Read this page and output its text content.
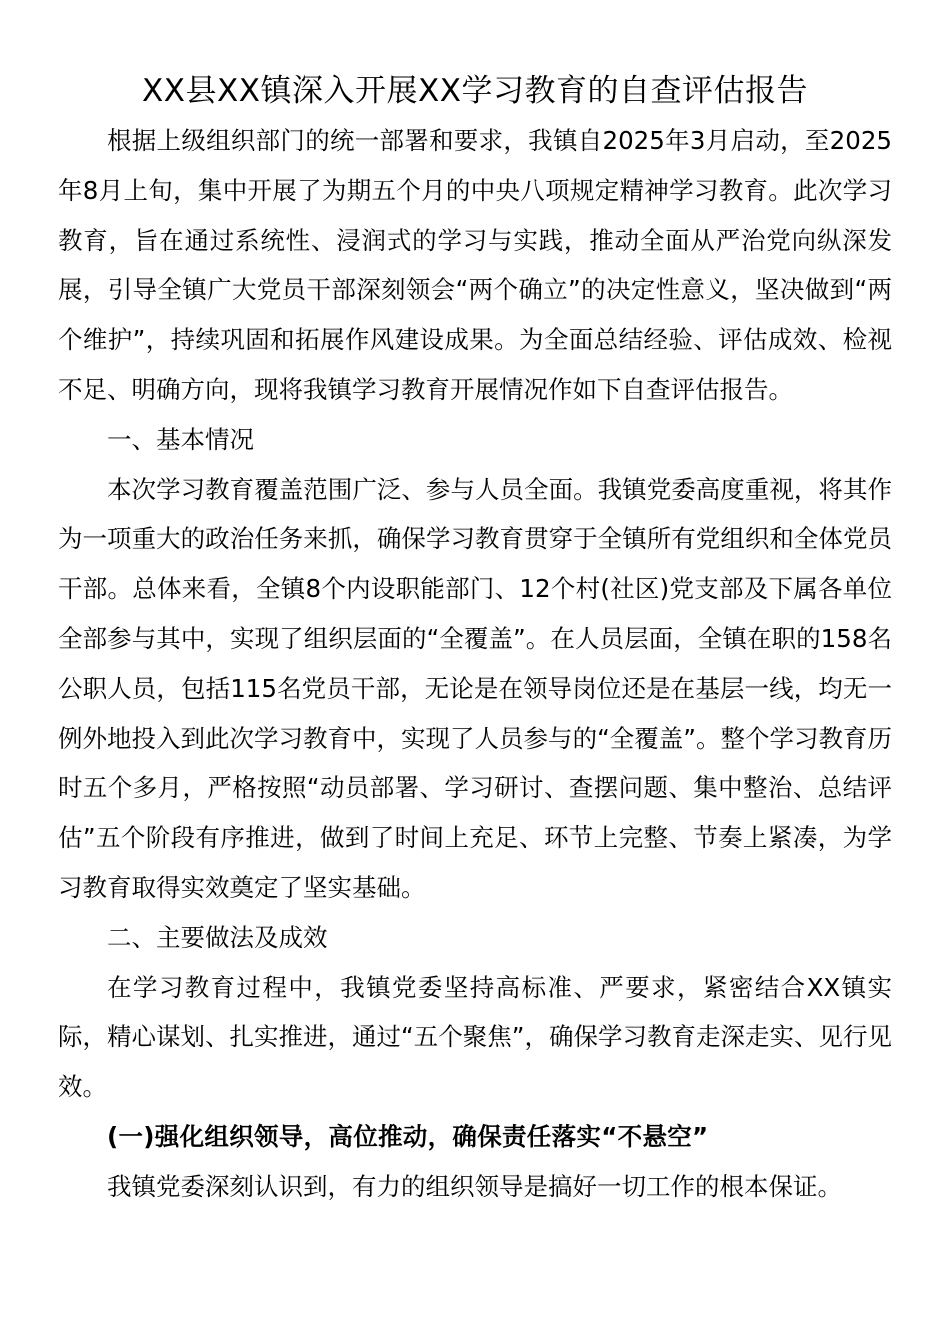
XX县XX镇深入开展XX学习教育的自查评估报告

根据上级组织部门的统一部署和要求，我镇自2025年3月启动，至2025年8月上旬，集中开展了为期五个月的中央八项规定精神学习教育。此次学习教育，旨在通过系统性、浸润式的学习与实践，推动全面从严治党向纵深发展，引导全镇广大党员干部深刻领会“两个确立”的决定性意义，坚决做到“两个维护”，持续巩固和拓展作风建设成果。为全面总结经验、评估成效、检视不足、明确方向，现将我镇学习教育开展情况作如下自查评估报告。

一、基本情况

本次学习教育覆盖范围广泛、参与人员全面。我镇党委高度重视，将其作为一项重大的政治任务来抓，确保学习教育贯穿于全镇所有党组织和全体党员干部。总体来看，全镇8个内设职能部门、12个村(社区)党支部及下属各单位全部参与其中，实现了组织层面的“全覆盖”。在人员层面，全镇在职的158名公职人员，包括115名党员干部，无论是在领导岗位还是在基层一线，均无一例外地投入到此次学习教育中，实现了人员参与的“全覆盖”。整个学习教育历时五个多月，严格按照“动员部署、学习研讨、查摆问题、集中整治、总结评估”五个阶段有序推进，做到了时间上充足、环节上完整、节奏上紧凑，为学习教育取得实效奠定了坚实基础。

二、主要做法及成效

在学习教育过程中，我镇党委坚持高标准、严要求，紧密结合XX镇实际，精心谋划、扎实推进，通过“五个聚焦”，确保学习教育走深走实、见行见效。

(一)强化组织领导，高位推动，确保责任落实“不悬空”

我镇党委深刻认识到，有力的组织领导是搞好一切工作的根本保证。
